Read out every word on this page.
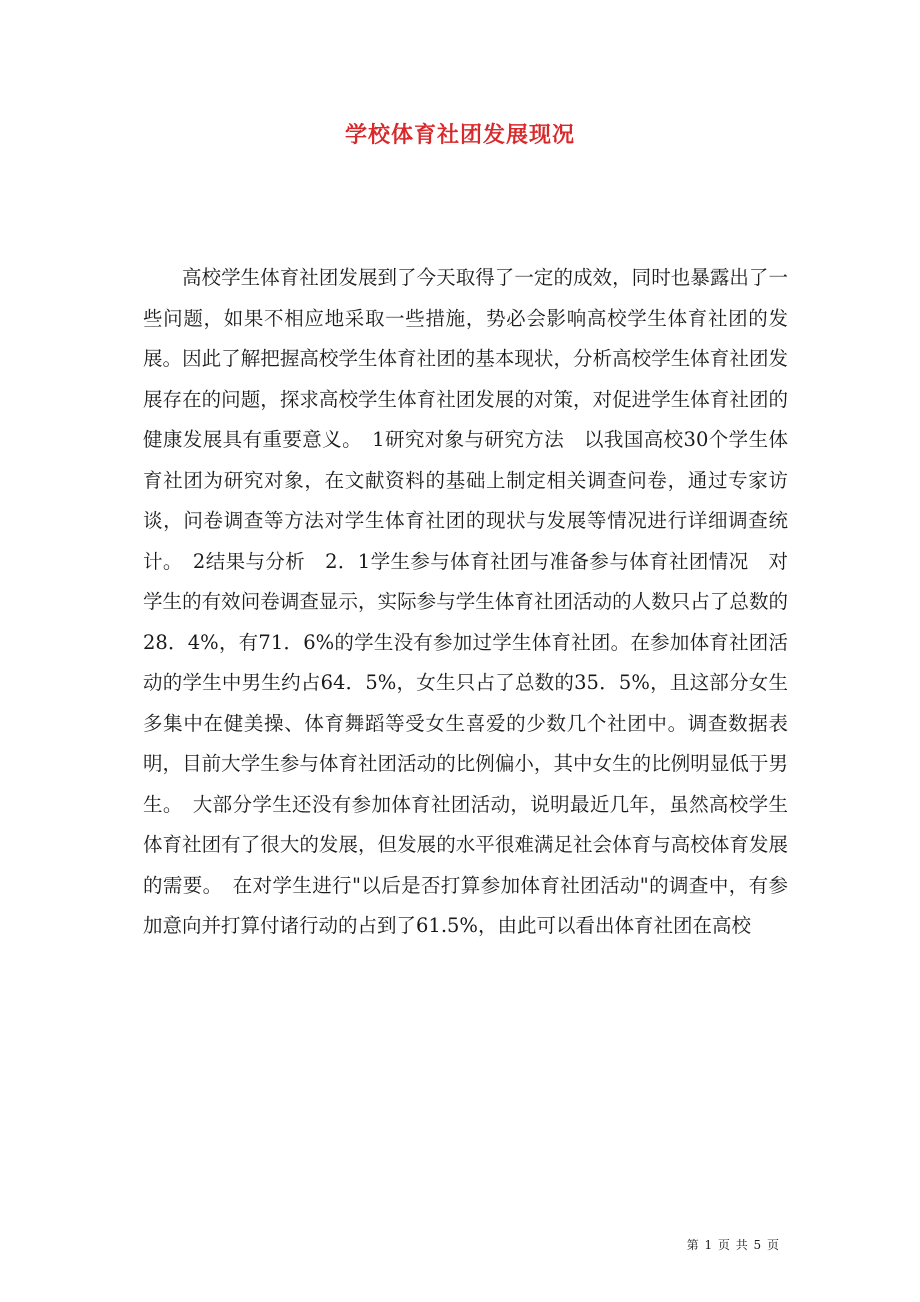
学校体育社团发展现况
高校学生体育社团发展到了今天取得了一定的成效，同时也暴露出了一些问题，如果不相应地采取一些措施，势必会影响高校学生体育社团的发展。因此了解把握高校学生体育社团的基本现状，分析高校学生体育社团发展存在的问题，探求高校学生体育社团发展的对策，对促进学生体育社团的健康发展具有重要意义。　1研究对象与研究方法　以我国高校30个学生体育社团为研究对象，在文献资料的基础上制定相关调查问卷，通过专家访谈，问卷调查等方法对学生体育社团的现状与发展等情况进行详细调查统计。　2结果与分析　2．1学生参与体育社团与准备参与体育社团情况　对学生的有效问卷调查显示，实际参与学生体育社团活动的人数只占了总数的28．4%，有71．6%的学生没有参加过学生体育社团。在参加体育社团活动的学生中男生约占64．5%，女生只占了总数的35．5%，且这部分女生多集中在健美操、体育舞蹈等受女生喜爱的少数几个社团中。调查数据表明，目前大学生参与体育社团活动的比例偏小，其中女生的比例明显低于男生。　大部分学生还没有参加体育社团活动，说明最近几年，虽然高校学生体育社团有了很大的发展，但发展的水平很难满足社会体育与高校体育发展的需要。　在对学生进行"以后是否打算参加体育社团活动"的调查中，有参加意向并打算付诸行动的占到了61.5%，由此可以看出体育社团在高校
第 1 页 共 5 页
